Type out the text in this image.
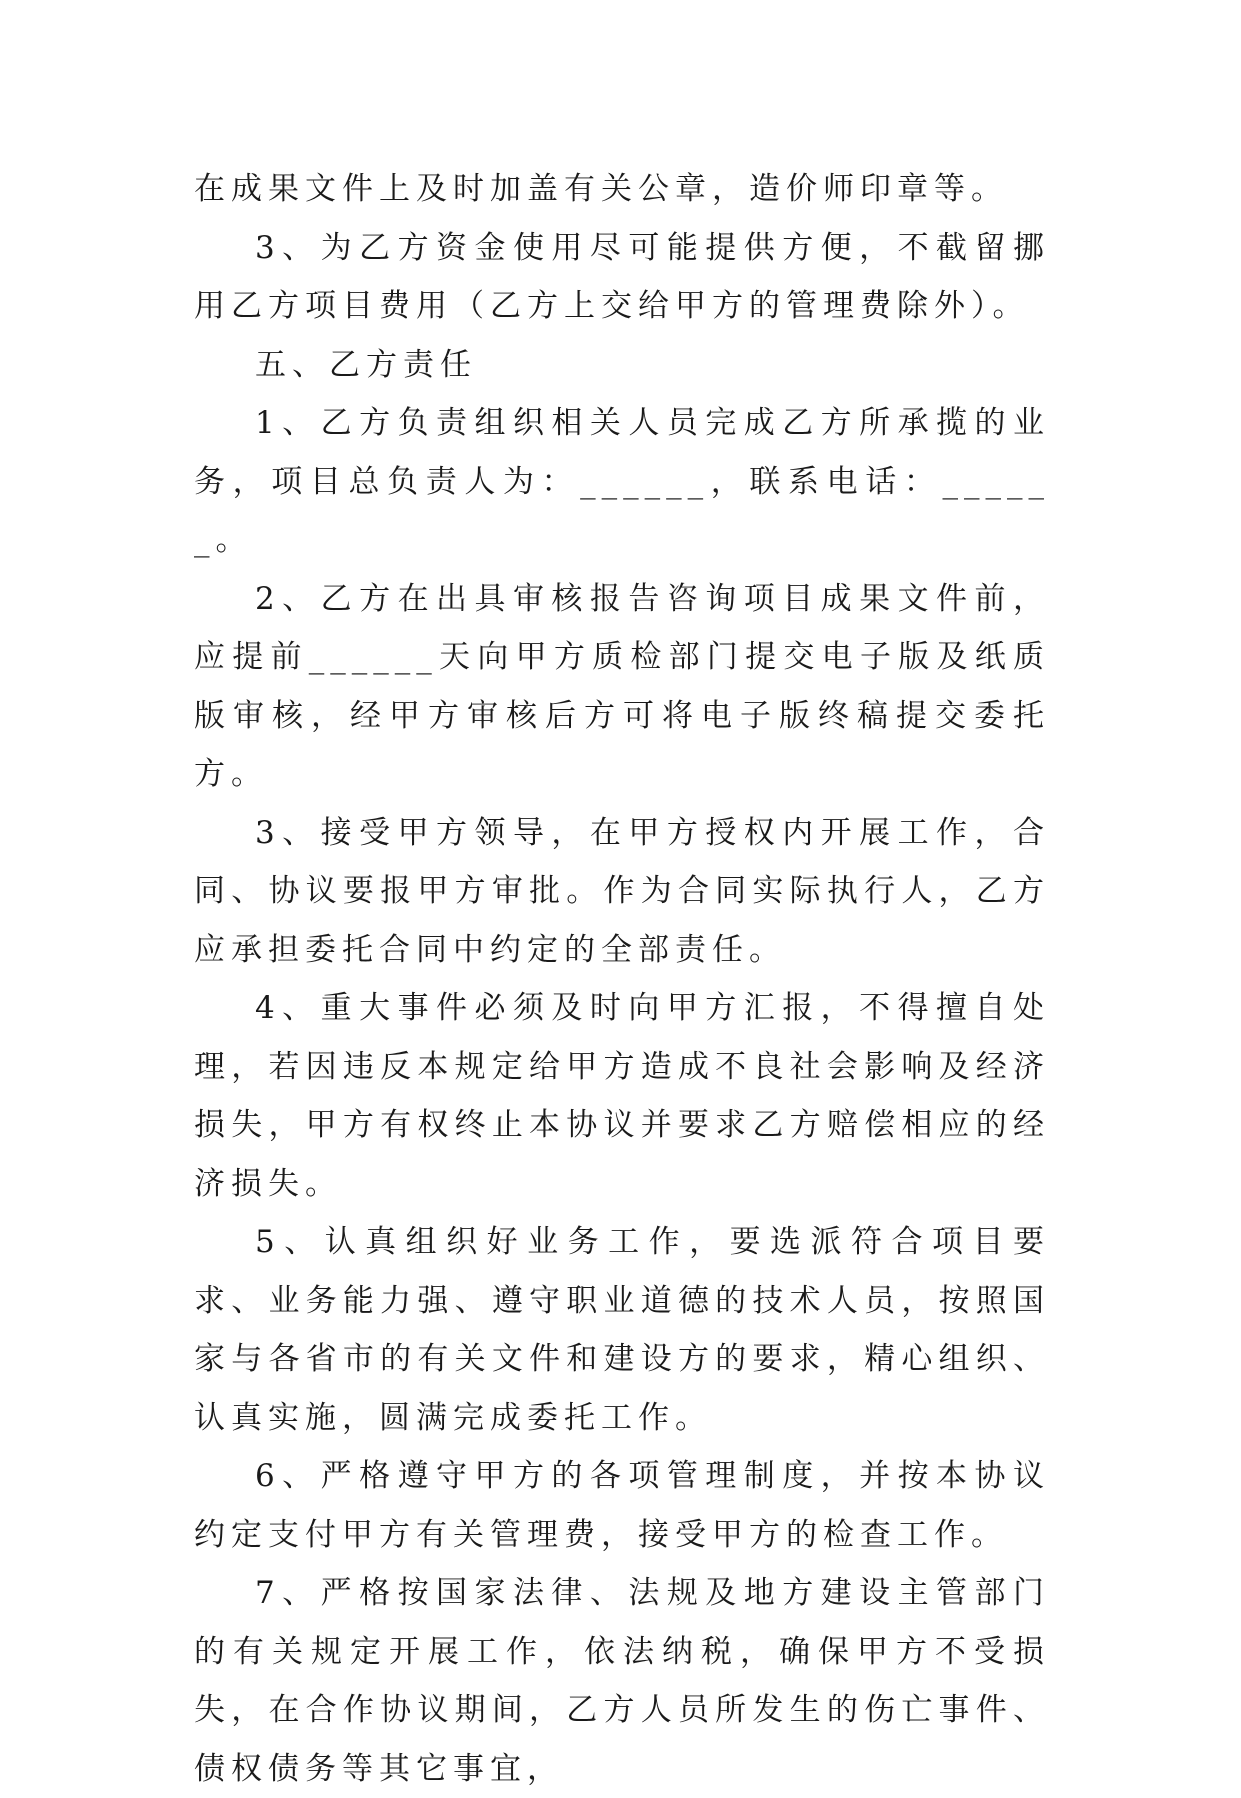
在成果文件上及时加盖有关公章，造价师印章等。

3、为乙方资金使用尽可能提供方便，不截留挪用乙方项目费用（乙方上交给甲方的管理费除外）。

五、乙方责任

1、乙方负责组织相关人员完成乙方所承揽的业务，项目总负责人为：______，联系电话：______。

2、乙方在出具审核报告咨询项目成果文件前，应提前______天向甲方质检部门提交电子版及纸质版审核，经甲方审核后方可将电子版终稿提交委托方。

3、接受甲方领导，在甲方授权内开展工作，合同、协议要报甲方审批。作为合同实际执行人，乙方应承担委托合同中约定的全部责任。

4、重大事件必须及时向甲方汇报，不得擅自处理，若因违反本规定给甲方造成不良社会影响及经济损失，甲方有权终止本协议并要求乙方赔偿相应的经济损失。

5、认真组织好业务工作，要选派符合项目要求、业务能力强、遵守职业道德的技术人员，按照国家与各省市的有关文件和建设方的要求，精心组织、认真实施，圆满完成委托工作。

6、严格遵守甲方的各项管理制度，并按本协议约定支付甲方有关管理费，接受甲方的检查工作。

7、严格按国家法律、法规及地方建设主管部门的有关规定开展工作，依法纳税，确保甲方不受损失，在合作协议期间，乙方人员所发生的伤亡事件、债权债务等其它事宜，
